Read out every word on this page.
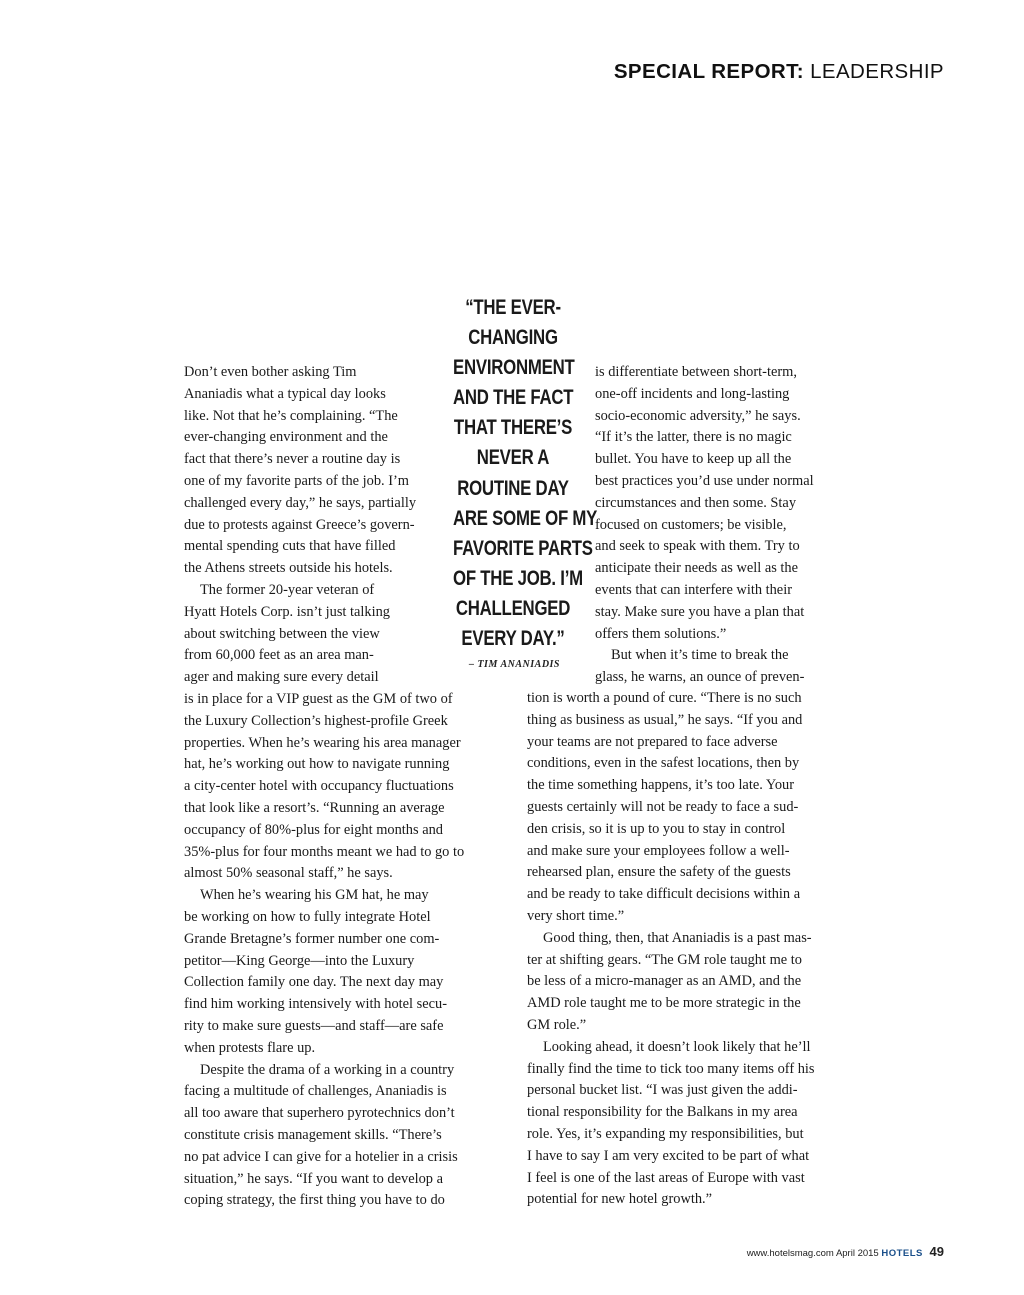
SPECIAL REPORT: LEADERSHIP
Don’t even bother asking Tim
Ananiadis what a typical day looks
like. Not that he’s complaining. “The
ever-changing environment and the
fact that there’s never a routine day is
one of my favorite parts of the job. I’m
challenged every day,” he says, partially
due to protests against Greece’s govern-
mental spending cuts that have filled
the Athens streets outside his hotels.
The former 20-year veteran of
Hyatt Hotels Corp. isn’t just talking
about switching between the view
from 60,000 feet as an area man-
ager and making sure every detail
is in place for a VIP guest as the GM of two of
the Luxury Collection’s highest-profile Greek
properties. When he’s wearing his area manager
hat, he’s working out how to navigate running
a city-center hotel with occupancy fluctuations
that look like a resort’s. “Running an average
occupancy of 80%-plus for eight months and
35%-plus for four months meant we had to go to
almost 50% seasonal staff,” he says.
When he’s wearing his GM hat, he may
be working on how to fully integrate Hotel
Grande Bretagne’s former number one com-
petitor—King George—into the Luxury
Collection family one day. The next day may
find him working intensively with hotel secu-
rity to make sure guests—and staff—are safe
when protests flare up.
Despite the drama of a working in a country
facing a multitude of challenges, Ananiadis is
all too aware that superhero pyrotechnics don’t
constitute crisis management skills. “There’s
no pat advice I can give for a hotelier in a crisis
situation,” he says. “If you want to develop a
coping strategy, the first thing you have to do
is differentiate between short-term,
one-off incidents and long-lasting
socio-economic adversity,” he says.
“If it’s the latter, there is no magic
bullet. You have to keep up all the
best practices you’d use under normal
circumstances and then some. Stay
focused on customers; be visible,
and seek to speak with them. Try to
anticipate their needs as well as the
events that can interfere with their
stay. Make sure you have a plan that
offers them solutions.”
But when it’s time to break the
glass, he warns, an ounce of preven-
tion is worth a pound of cure. “There is no such
thing as business as usual,” he says. “If you and
your teams are not prepared to face adverse
conditions, even in the safest locations, then by
the time something happens, it’s too late. Your
guests certainly will not be ready to face a sud-
den crisis, so it is up to you to stay in control
and make sure your employees follow a well-
rehearsed plan, ensure the safety of the guests
and be ready to take difficult decisions within a
very short time.”
Good thing, then, that Ananiadis is a past mas-
ter at shifting gears. “The GM role taught me to
be less of a micro-manager as an AMD, and the
AMD role taught me to be more strategic in the
GM role.”
Looking ahead, it doesn’t look likely that he’ll
finally find the time to tick too many items off his
personal bucket list. “I was just given the addi-
tional responsibility for the Balkans in my area
role. Yes, it’s expanding my responsibilities, but
I have to say I am very excited to be part of what
I feel is one of the last areas of Europe with vast
potential for new hotel growth.”
“THE EVER-
CHANGING
ENVIRONMENT
AND THE FACT
THAT THERE’S
NEVER A
ROUTINE DAY
ARE SOME OF MY
FAVORITE PARTS
OF THE JOB. I’M
CHALLENGED
EVERY DAY.”
– TIM ANANIADIS
www.hotelsmag.com April 2015 HOTELS 49
